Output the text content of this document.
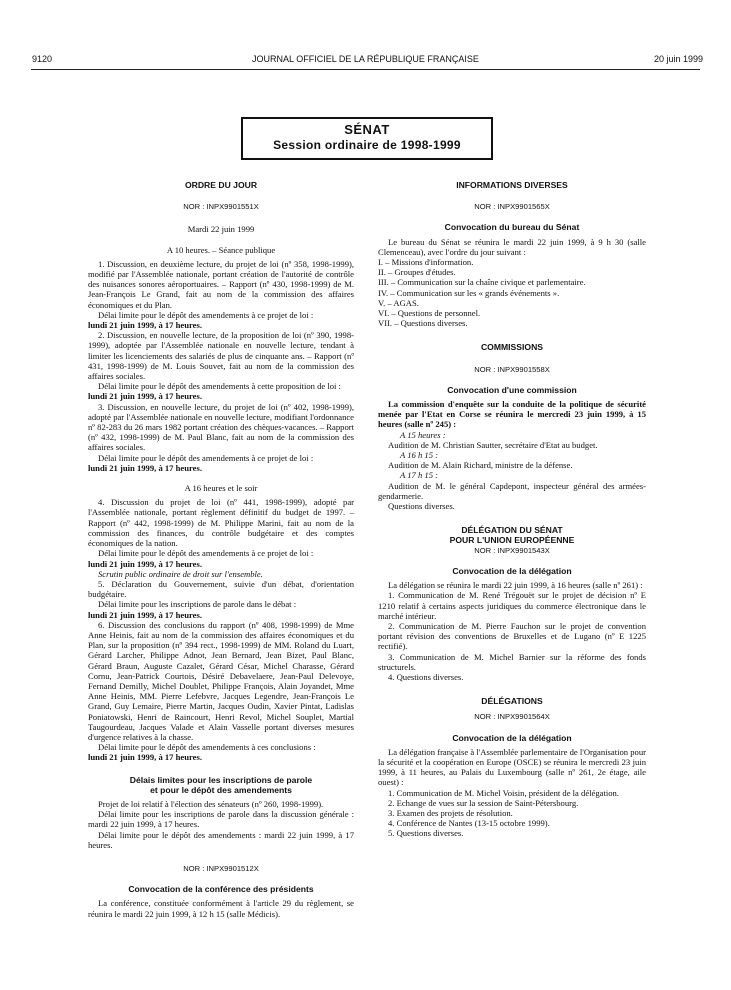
9120	JOURNAL OFFICIEL DE LA RÉPUBLIQUE FRANÇAISE	20 juin 1999
SÉNAT
Session ordinaire de 1998-1999
ORDRE DU JOUR
NOR : INPX9901551X
Mardi 22 juin 1999
A 10 heures. – Séance publique

1. Discussion, en deuxième lecture, du projet de loi (nº 358, 1998-1999), modifié par l'Assemblée nationale, portant création de l'autorité de contrôle des nuisances sonores aéroportuaires. – Rapport (nº 430, 1998-1999) de M. Jean-François Le Grand, fait au nom de la commission des affaires économiques et du Plan.

Délai limite pour le dépôt des amendements à ce projet de loi :

lundi 21 juin 1999, à 17 heures.

2. Discussion, en nouvelle lecture, de la proposition de loi (nº 390, 1998-1999), adoptée par l'Assemblée nationale en nouvelle lecture, tendant à limiter les licenciements des salariés de plus de cinquante ans. – Rapport (nº 431, 1998-1999) de M. Louis Souvet, fait au nom de la commission des affaires sociales.

Délai limite pour le dépôt des amendements à cette proposition de loi :

lundi 21 juin 1999, à 17 heures.

3. Discussion, en nouvelle lecture, du projet de loi (nº 402, 1998-1999), adopté par l'Assemblée nationale en nouvelle lecture, modifiant l'ordonnance nº 82-283 du 26 mars 1982 portant création des chèques-vacances. – Rapport (nº 432, 1998-1999) de M. Paul Blanc, fait au nom de la commission des affaires sociales.

Délai limite pour le dépôt des amendements à ce projet de loi :

lundi 21 juin 1999, à 17 heures.

A 16 heures et le soir

4. Discussion du projet de loi (nº 441, 1998-1999), adopté par l'Assemblée nationale, portant règlement définitif du budget de 1997. – Rapport (nº 442, 1998-1999) de M. Philippe Marini, fait au nom de la commission des finances, du contrôle budgétaire et des comptes économiques de la nation.

Délai limite pour le dépôt des amendements à ce projet de loi :

lundi 21 juin 1999, à 17 heures.

Scrutin public ordinaire de droit sur l'ensemble.

5. Déclaration du Gouvernement, suivie d'un débat, d'orientation budgétaire.

Délai limite pour les inscriptions de parole dans le débat :

lundi 21 juin 1999, à 17 heures.

6. Discussion des conclusions du rapport (nº 408, 1998-1999) de Mme Anne Heinis, fait au nom de la commission des affaires économiques et du Plan, sur la proposition (nº 394 rect., 1998-1999) de MM. Roland du Luart, Gérard Larcher, Philippe Adnot, Jean Bernard, Jean Bizet, Paul Blanc, Gérard Braun, Auguste Cazalet, Gérard César, Michel Charasse, Gérard Cornu, Jean-Patrick Courtois, Désiré Debavelaere, Jean-Paul Delevoye, Fernand Demilly, Michel Doublet, Philippe François, Alain Joyandet, Mme Anne Heinis, MM. Pierre Lefebvre, Jacques Legendre, Jean-François Le Grand, Guy Lemaire, Pierre Martin, Jacques Oudin, Xavier Pintat, Ladislas Poniatowski, Henri de Raincourt, Henri Revol, Michel Souplet, Martial Taugourdeau, Jacques Valade et Alain Vasselle portant diverses mesures d'urgence relatives à la chasse.

Délai limite pour le dépôt des amendements à ces conclusions :

lundi 21 juin 1999, à 17 heures.

Délais limites pour les inscriptions de parole
et pour le dépôt des amendements

Projet de loi relatif à l'élection des sénateurs (nº 260, 1998-1999).

Délai limite pour les inscriptions de parole dans la discussion générale : mardi 22 juin 1999, à 17 heures.

Délai limite pour le dépôt des amendements : mardi 22 juin 1999, à 17 heures.

NOR : INPX9901512X
Convocation de la conférence des présidents

La conférence, constituée conformément à l'article 29 du règlement, se réunira le mardi 22 juin 1999, à 12 h 15 (salle Médicis).

INFORMATIONS DIVERSES
NOR : INPX9901565X
Convocation du bureau du Sénat

Le bureau du Sénat se réunira le mardi 22 juin 1999, à 9 h 30 (salle Clemenceau), avec l'ordre du jour suivant :

I. – Missions d'information.

II. – Groupes d'études.

III. – Communication sur la chaîne civique et parlementaire.

IV. – Communication sur les « grands événements ».

V. – AGAS.

VI. – Questions de personnel.

VII. – Questions diverses.

COMMISSIONS
NOR : INPX9901558X
Convocation d'une commission

La commission d'enquête sur la conduite de la politique de sécurité menée par l'Etat en Corse se réunira le mercredi 23 juin 1999, à 15 heures (salle nº 245) :

A 15 heures :

Audition de M. Christian Sautter, secrétaire d'Etat au budget.

A 16 h 15 :

Audition de M. Alain Richard, ministre de la défense.

A 17 h 15 :

Audition de M. le général Capdepont, inspecteur général des armées-gendarmerie.

Questions diverses.

DÉLÉGATION DU SÉNAT
POUR L'UNION EUROPÉENNE
NOR : INPX9901543X
Convocation de la délégation

La délégation se réunira le mardi 22 juin 1999, à 16 heures (salle nº 261) :

1. Communication de M. René Trégouët sur le projet de décision nº E 1210 relatif à certains aspects juridiques du commerce électronique dans le marché intérieur.

2. Communication de M. Pierre Fauchon sur le projet de convention portant révision des conventions de Bruxelles et de Lugano (nº E 1225 rectifié).

3. Communication de M. Michel Barnier sur la réforme des fonds structurels.

4. Questions diverses.

DÉLÉGATIONS
NOR : INPX9901564X
Convocation de la délégation

La délégation française à l'Assemblée parlementaire de l'Organisation pour la sécurité et la coopération en Europe (OSCE) se réunira le mercredi 23 juin 1999, à 11 heures, au Palais du Luxembourg (salle nº 261, 2e étage, aile ouest) :

1. Communication de M. Michel Voisin, président de la délégation.

2. Echange de vues sur la session de Saint-Pétersbourg.

3. Examen des projets de résolution.

4. Conférence de Nantes (13-15 octobre 1999).

5. Questions diverses.
